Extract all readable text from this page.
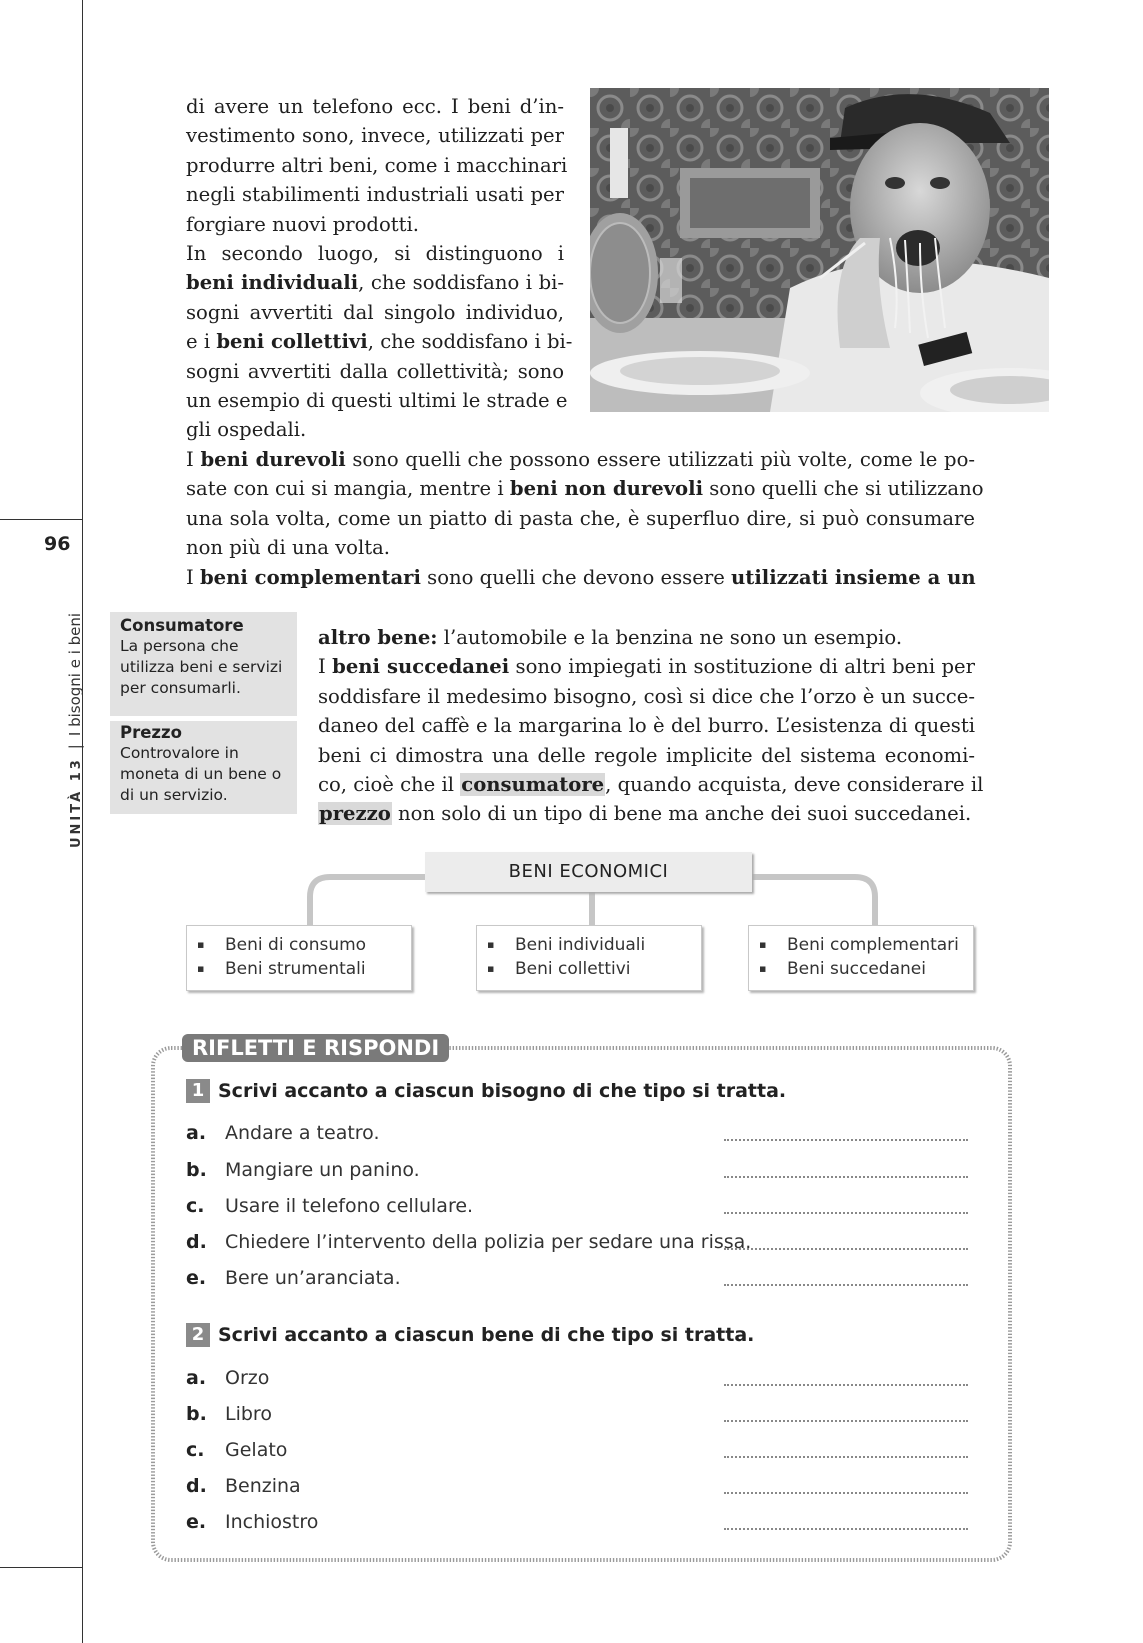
96
UNITÀ 13|I bisogni e i beni
di avere un telefono ecc. I beni d’in-
vestimento sono, invece, utilizzati per
produrre altri beni, come i macchinari
negli stabilimenti industriali usati per
forgiare nuovi prodotti.
In secondo luogo, si distinguono i
beni individuali, che soddisfano i bi-
sogni avvertiti dal singolo individuo,
e i beni collettivi, che soddisfano i bi-
sogni avvertiti dalla collettività; sono
un esempio di questi ultimi le strade e
gli ospedali.
I beni durevoli sono quelli che possono essere utilizzati più volte, come le po-
sate con cui si mangia, mentre i beni non durevoli sono quelli che si utilizzano
una sola volta, come un piatto di pasta che, è superfluo dire, si può consumare
non più di una volta.
I beni complementari sono quelli che devono essere utilizzati insieme a un
altro bene: l’automobile e la benzina ne sono un esempio.
I beni succedanei sono impiegati in sostituzione di altri beni per
soddisfare il medesimo bisogno, così si dice che l’orzo è un succe-
daneo del caffè e la margarina lo è del burro. L’esistenza di questi
beni ci dimostra una delle regole implicite del sistema economi-
co, cioè che il consumatore, quando acquista, deve considerare il
prezzo non solo di un tipo di bene ma anche dei suoi succedanei.
Consumatore
La persona che utilizza beni e servizi per consumarli.
Prezzo
Controvalore in moneta di un bene o di un servizio.
BENI ECONOMICI
▪ Beni di consumo
▪ Beni strumentali
▪ Beni individuali
▪ Beni collettivi
▪ Beni complementari
▪ Beni succedanei
RIFLETTI E RISPONDI
1 Scrivi accanto a ciascun bisogno di che tipo si tratta.
a. Andare a teatro.
b. Mangiare un panino.
c. Usare il telefono cellulare.
d. Chiedere l’intervento della polizia per sedare una rissa.
e. Bere un’aranciata.
2 Scrivi accanto a ciascun bene di che tipo si tratta.
a. Orzo
b. Libro
c. Gelato
d. Benzina
e. Inchiostro
